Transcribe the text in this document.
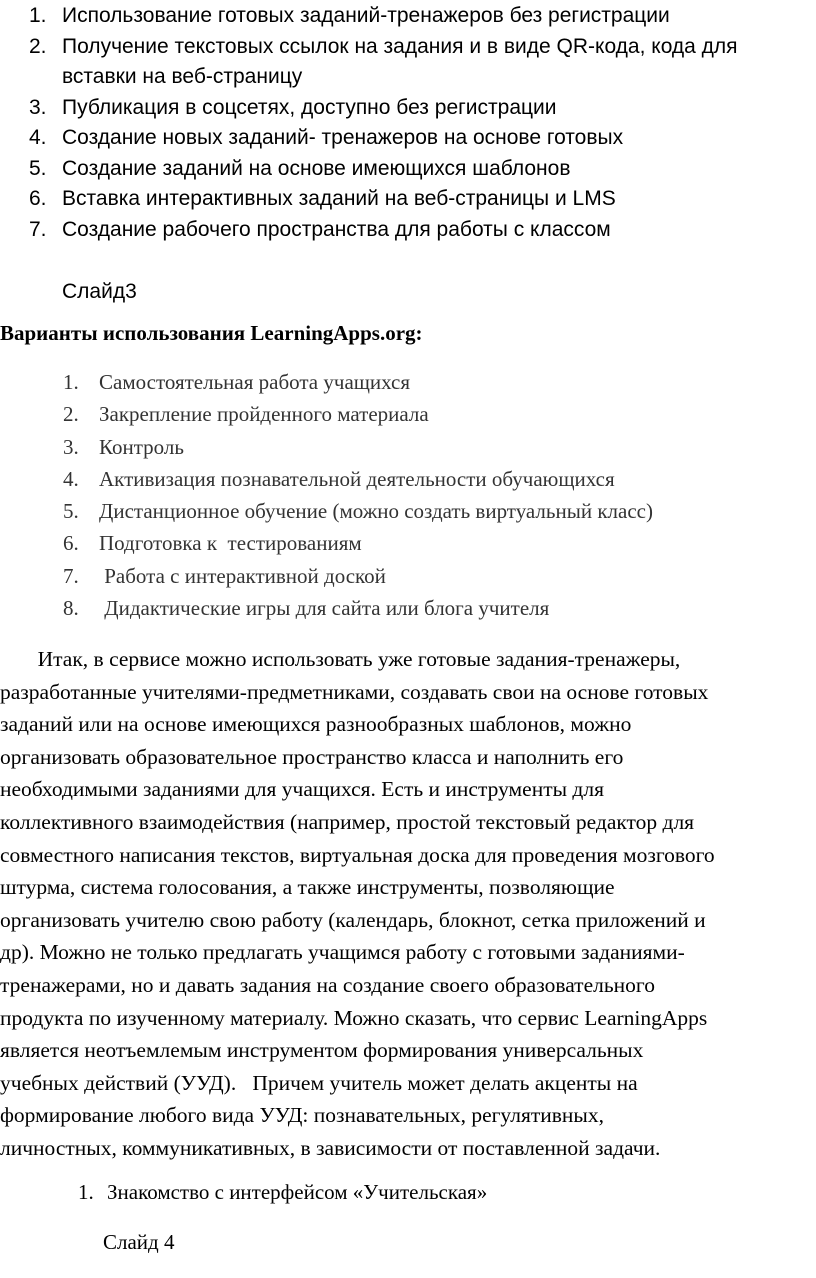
1. Использование готовых заданий-тренажеров без регистрации
2. Получение текстовых ссылок на задания и в виде QR-кода, кода для вставки на веб-страницу
3. Публикация в соцсетях, доступно без регистрации
4. Создание новых заданий- тренажеров на основе готовых
5. Создание заданий на основе имеющихся шаблонов
6. Вставка интерактивных заданий на веб-страницы и LMS
7. Создание рабочего пространства для работы с классом
Слайд3
Варианты использования LearningApps.org:
1. Самостоятельная работа учащихся
2. Закрепление пройденного материала
3. Контроль
4. Активизация познавательной деятельности обучающихся
5. Дистанционное обучение (можно создать виртуальный класс)
6. Подготовка к  тестированиям
7. Работа с интерактивной доской
8. Дидактические игры для сайта или блога учителя
Итак, в сервисе можно использовать уже готовые задания-тренажеры,
разработанные учителями-предметниками, создавать свои на основе готовых
заданий или на основе имеющихся разнообразных шаблонов, можно
организовать образовательное пространство класса и наполнить его
необходимыми заданиями для учащихся. Есть и инструменты для
коллективного взаимодействия (например, простой текстовый редактор для
совместного написания текстов, виртуальная доска для проведения мозгового
штурма, система голосования, а также инструменты, позволяющие
организовать учителю свою работу (календарь, блокнот, сетка приложений и
др). Можно не только предлагать учащимся работу с готовыми заданиями-
тренажерами, но и давать задания на создание своего образовательного
продукта по изученному материалу. Можно сказать, что сервис LearningApps
является неотъемлемым инструментом формирования универсальных
учебных действий (УУД).   Причем учитель может делать акценты на
формирование любого вида УУД: познавательных, регулятивных,
личностных, коммуникативных, в зависимости от поставленной задачи.
1. Знакомство с интерфейсом «Учительская»
Слайд 4
